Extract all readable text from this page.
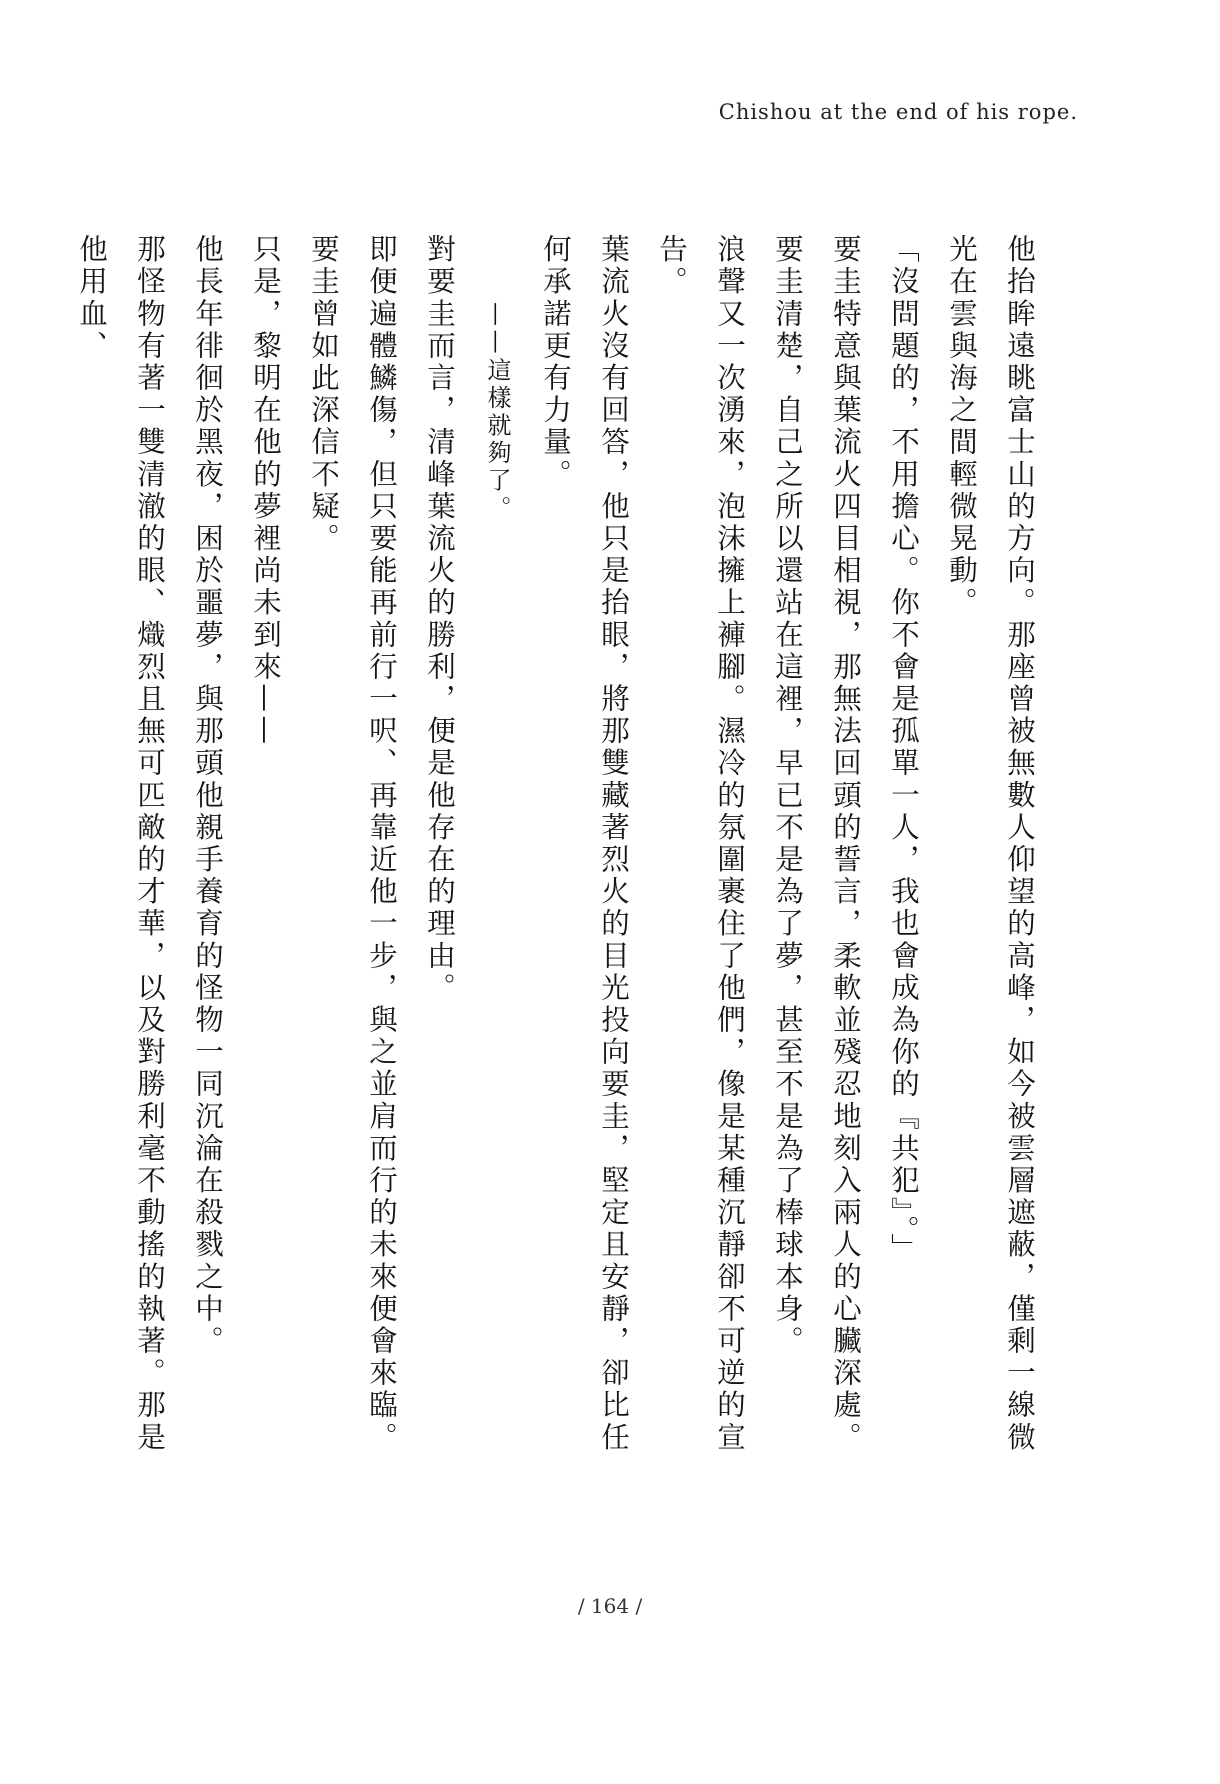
Chishou at the end of his rope.

他抬眸遠眺富士山的方向。那座曾被無數人仰望的高峰，如今被雲層遮蔽，僅剩一線微光在雲與海之間輕微晃動。

「沒問題的，不用擔心。你不會是孤單一人，我也會成為你的『共犯』。」

要圭特意與葉流火四目相視，那無法回頭的誓言，柔軟並殘忍地刻入兩人的心臟深處。

要圭清楚，自己之所以還站在這裡，早已不是為了夢，甚至不是為了棒球本身。

浪聲又一次湧來，泡沫擁上褲腳。濕冷的氛圍裹住了他們，像是某種沉靜卻不可逆的宣告。

葉流火沒有回答，他只是抬眼，將那雙藏著烈火的目光投向要圭，堅定且安靜，卻比任何承諾更有力量。

——這樣就夠了。

對要圭而言，清峰葉流火的勝利，便是他存在的理由。

即便遍體鱗傷，但只要能再前行一呎、再靠近他一步，與之並肩而行的未來便會來臨。

要圭曾如此深信不疑。

只是，黎明在他的夢裡尚未到來——

他長年徘徊於黑夜，困於噩夢，與那頭他親手養育的怪物一同沉淪在殺戮之中。

那怪物有著一雙清澈的眼、熾烈且無可匹敵的才華，以及對勝利毫不動搖的執著。那是他用血、

/ 164 /
